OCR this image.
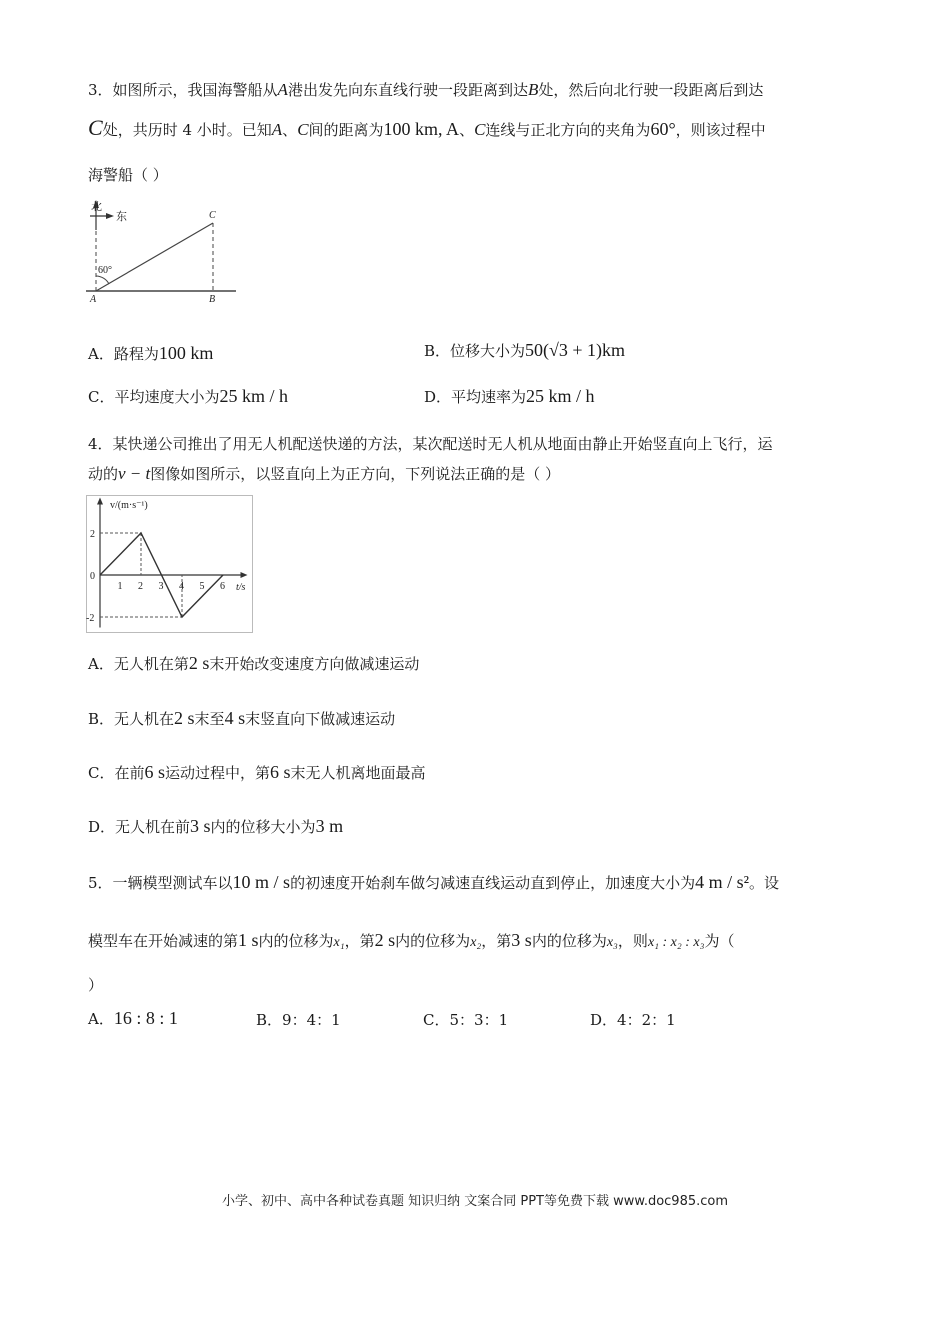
3．如图所示，我国海警船从A港出发先向东直线行驶一段距离到达B处，然后向北行驶一段距离后到达
C处，共历时 4 小时。已知A、C间的距离为100 km, A、C连线与正北方向的夹角为60°，则该过程中
海警船（ ）
北
东
60°
A	B
C
A．路程为100 km	B．位移大小为50(√3 + 1)km
C．平均速度大小为25 km / h	D．平均速率为25 km / h
4．某快递公司推出了用无人机配送快递的方法，某次配送时无人机从地面由静止开始竖直向上飞行，运
动的v − t图像如图所示，以竖直向上为正方向，下列说法正确的是（ ）
1 2 3 4 5 6
2
0
-2
v/(m·s⁻¹)
t/s
A．无人机在第2 s末开始改变速度方向做减速运动
B．无人机在2 s末至4 s末竖直向下做减速运动
C．在前6 s运动过程中，第6 s末无人机离地面最高
D．无人机在前3 s内的位移大小为3 m
5．一辆模型测试车以10 m / s的初速度开始刹车做匀减速直线运动直到停止，加速度大小为4 m / s²。设
模型车在开始减速的第1 s内的位移为x₁，第2 s内的位移为x₂，第3 s内的位移为x₃，则x₁ : x₂ : x₃为（
）
A．16 : 8 : 1	B．9：4：1	C．5：3：1	D．4：2：1
小学、初中、高中各种试卷真题 知识归纳 文案合同 PPT等免费下载 www.doc985.com
